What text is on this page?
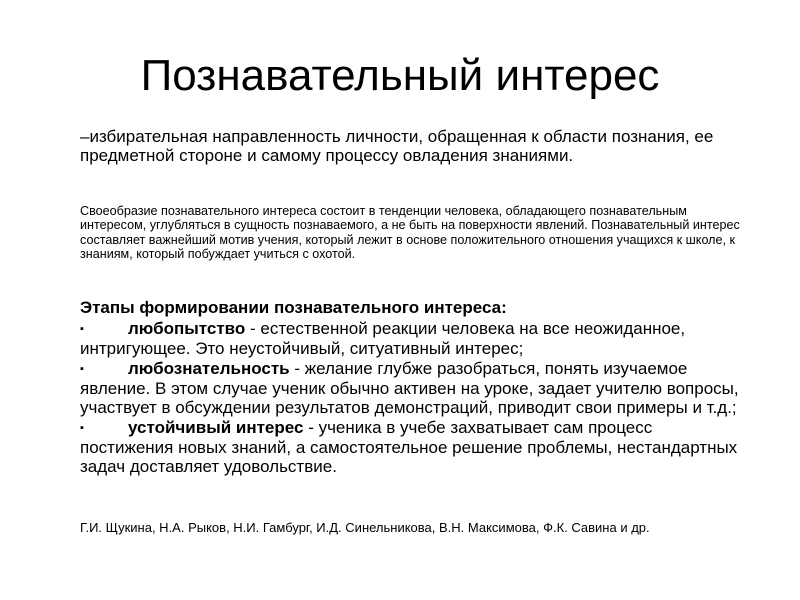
Познавательный интерес

–избирательная направленность личности, обращенная к области познания, ее предметной стороне и самому процессу овладения знаниями.

Своеобразие познавательного интереса состоит в тенденции человека, обладающего познавательным интересом, углубляться в сущность познаваемого, а не быть на поверхности явлений. Познавательный интерес составляет важнейший мотив учения, который лежит в основе положительного отношения учащихся к школе, к знаниям, который побуждает учиться с охотой.

Этапы формировании познавательного интереса:

▪	любопытство - естественной реакции человека на все неожиданное, интригующее. Это неустойчивый, ситуативный интерес;

▪	любознательность - желание глубже разобраться, понять изучаемое явление. В этом случае ученик обычно активен на уроке, задает учителю вопросы, участвует в обсуждении результатов демонстраций, приводит свои примеры и т.д.;

▪	устойчивый интерес - ученика в учебе захватывает сам процесс постижения новых знаний, а самостоятельное решение проблемы, нестандартных задач доставляет удовольствие.

Г.И. Щукина, Н.А. Рыков, Н.И. Гамбург, И.Д. Синельникова, В.Н. Максимова, Ф.К. Савина и др.
